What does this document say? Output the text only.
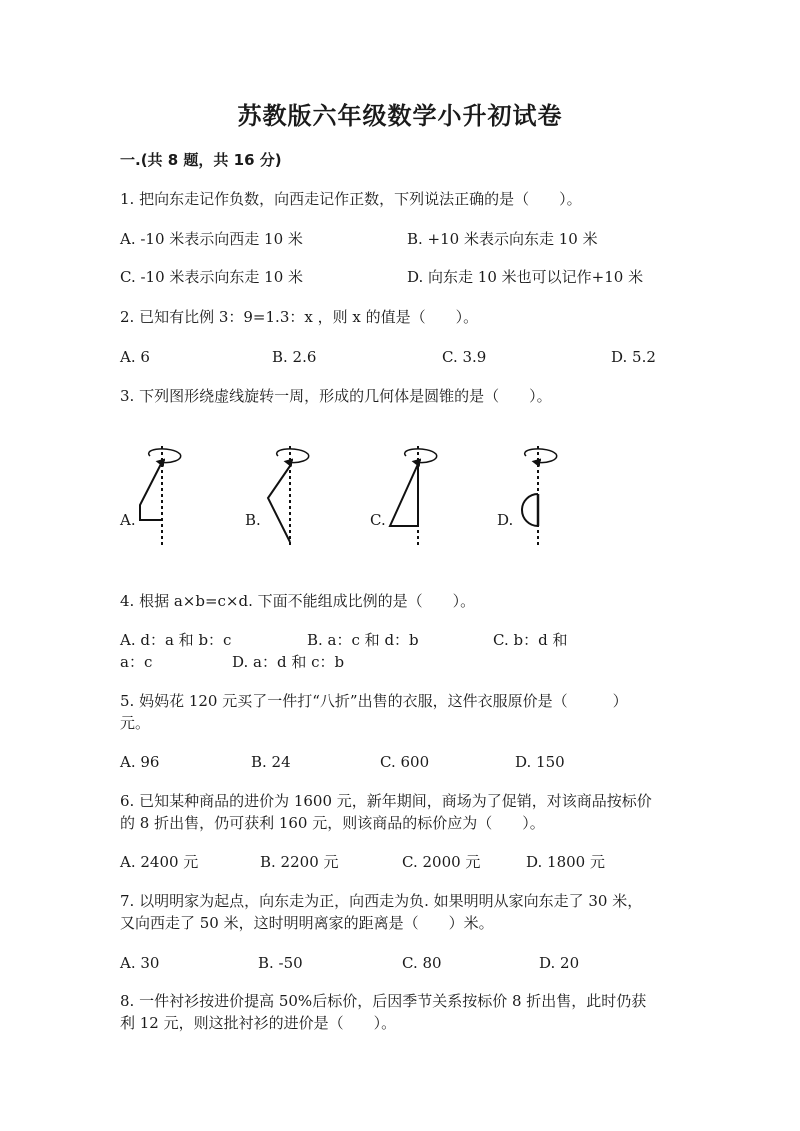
苏教版六年级数学小升初试卷
一.(共 8 题，共 16 分)
1. 把向东走记作负数，向西走记作正数，下列说法正确的是（　　）。
A. -10 米表示向西走 10 米	B. +10 米表示向东走 10 米
C. -10 米表示向东走 10 米	D. 向东走 10 米也可以记作+10 米
2. 已知有比例 3：9=1.3：x ，则 x 的值是（　　）。
A. 6	B. 2.6	C. 3.9	D. 5.2
3. 下列图形绕虚线旋转一周，形成的几何体是圆锥的是（　　）。
A.	B.	C.	D.
4. 根据 a×b=c×d. 下面不能组成比例的是（　　）。
A. d：a 和 b：c	B. a：c 和 d：b	C. b：d 和
a：c	D. a：d 和 c：b
5. 妈妈花 120 元买了一件打“八折”出售的衣服，这件衣服原价是（　　　）
元。
A. 96	B. 24	C. 600	D. 150
6. 已知某种商品的进价为 1600 元，新年期间，商场为了促销，对该商品按标价
的 8 折出售，仍可获利 160 元，则该商品的标价应为（　　）。
A. 2400 元	B. 2200 元	C. 2000 元	D. 1800 元
7. 以明明家为起点，向东走为正，向西走为负. 如果明明从家向东走了 30 米，
又向西走了 50 米，这时明明离家的距离是（　　）米。
A. 30	B. -50	C. 80	D. 20
8. 一件衬衫按进价提高 50%后标价，后因季节关系按标价 8 折出售，此时仍获
利 12 元，则这批衬衫的进价是（　　）。
